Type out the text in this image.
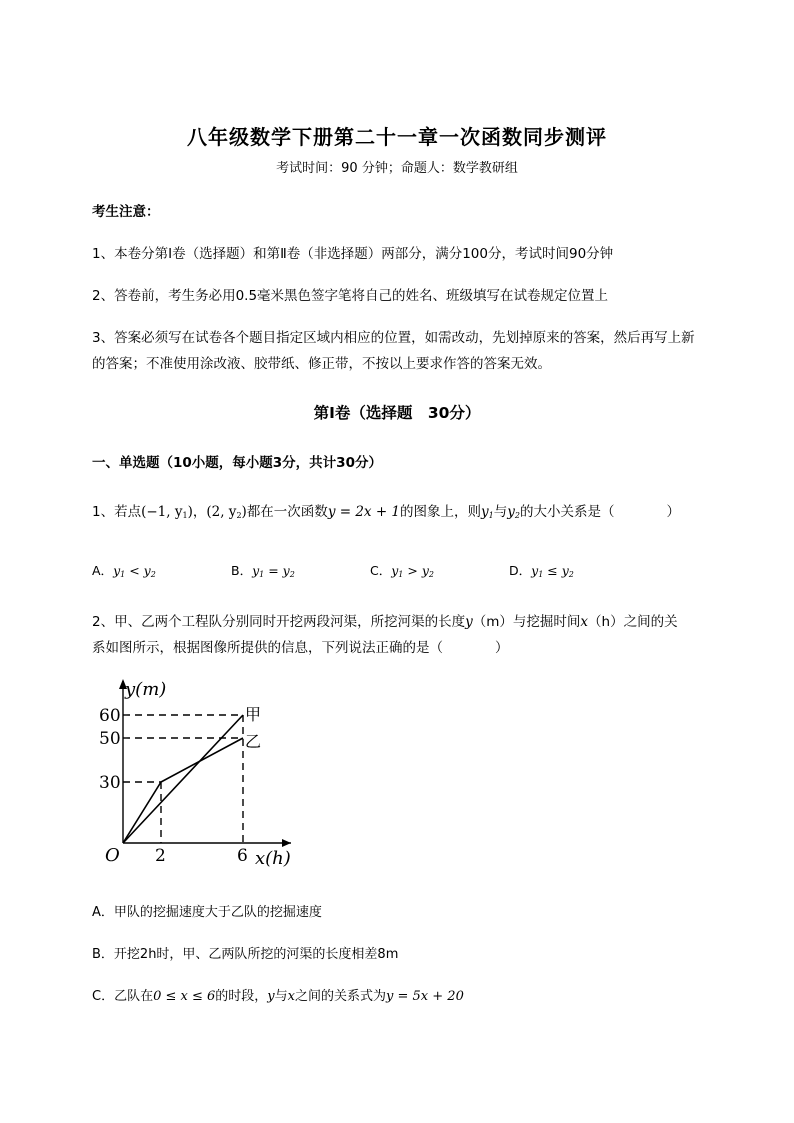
八年级数学下册第二十一章一次函数同步测评
考试时间：90 分钟；命题人：数学教研组
考生注意：
1、本卷分第Ⅰ卷（选择题）和第Ⅱ卷（非选择题）两部分，满分100分，考试时间90分钟
2、答卷前，考生务必用0.5毫米黑色签字笔将自己的姓名、班级填写在试卷规定位置上
3、答案必须写在试卷各个题目指定区域内相应的位置，如需改动，先划掉原来的答案，然后再写上新
的答案；不准使用涂改液、胶带纸、修正带，不按以上要求作答的答案无效。
第Ⅰ卷（选择题　30分）
一、单选题（10小题，每小题3分，共计30分）
1、若点(−1, $y_1$)，(2, $y_2$)都在一次函数y = 2x + 1的图象上，则$y_1$与$y_2$的大小关系是（	）
A．$y_1 < y_2$	B．$y_1 = y_2$	C．$y_1 > y_2$	D．$y_1 \le y_2$
2、甲、乙两个工程队分别同时开挖两段河渠，所挖河渠的长度y（m）与挖掘时间x（h）之间的关
系如图所示，根据图像所提供的信息，下列说法正确的是（	）
y(m)
60
50
30
O 2	6 x(h)
甲
乙
A．甲队的挖掘速度大于乙队的挖掘速度
B．开挖2h时，甲、乙两队所挖的河渠的长度相差8m
C．乙队在0 ≤ x ≤ 6的时段，y与x之间的关系式为y = 5x + 20
